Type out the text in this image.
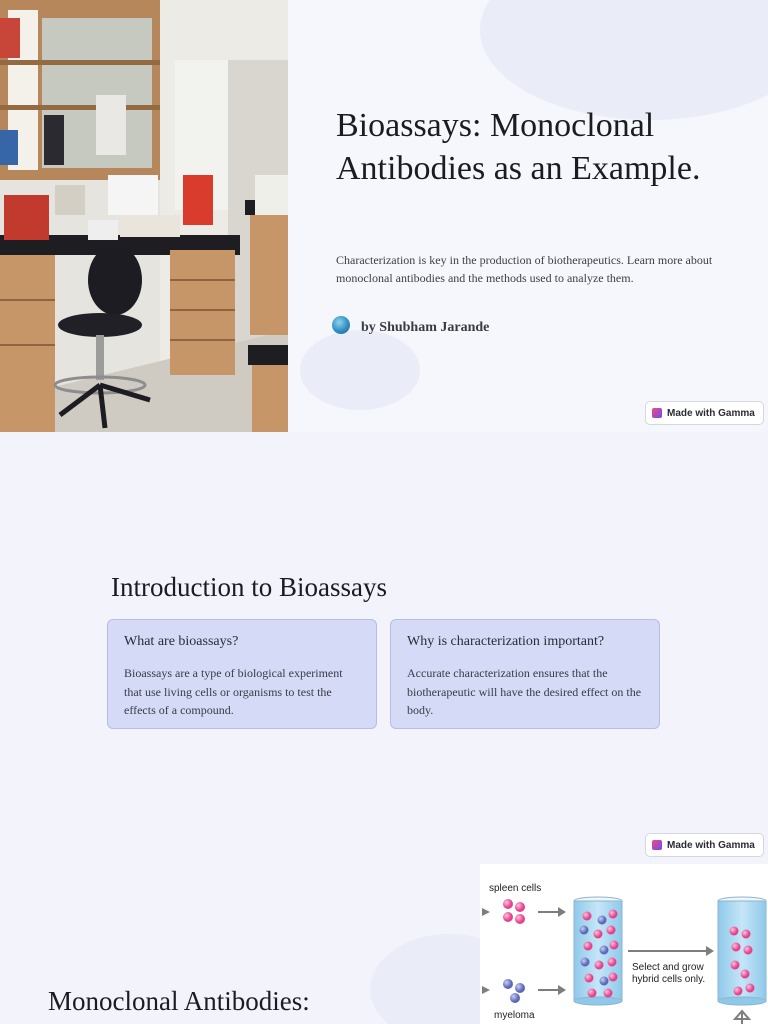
Bioassays: Monoclonal Antibodies as an Example.

Characterization is key in the production of biotherapeutics. Learn more about monoclonal antibodies and the methods used to analyze them.

by Shubham Jarande
Made with Gamma
Introduction to Bioassays

What are bioassays?

Bioassays are a type of biological experiment that use living cells or organisms to test the effects of a compound.

Why is characterization important?

Accurate characterization ensures that the biotherapeutic will have the desired effect on the body.

Made with Gamma
Monoclonal Antibodies:
spleen cells
myeloma
Select and grow
hybrid cells only.
